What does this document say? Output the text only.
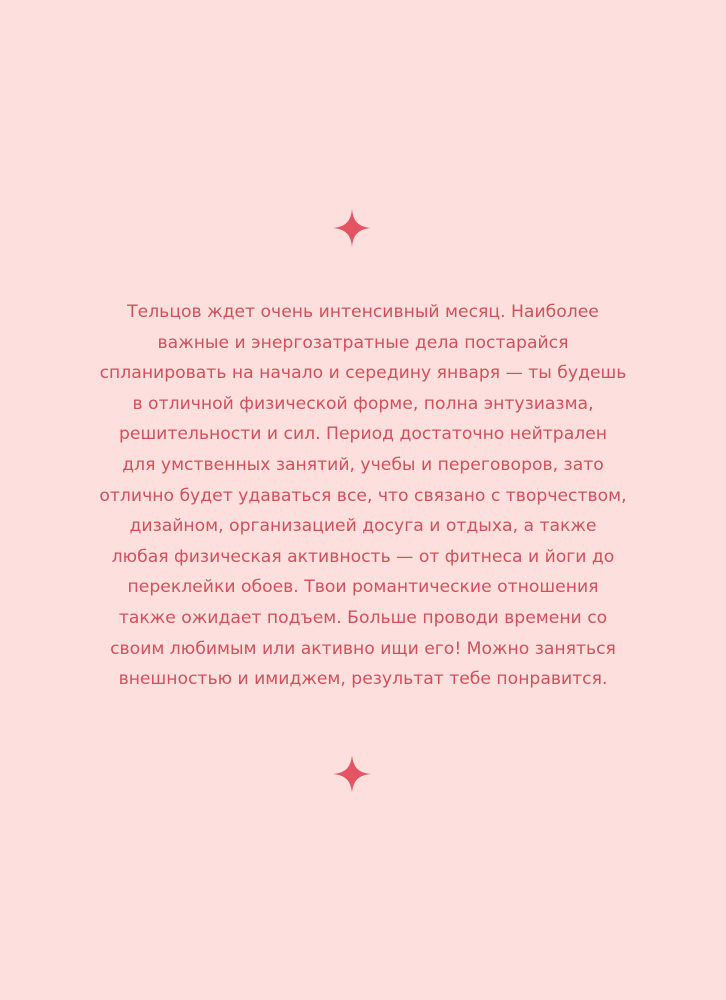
Тельцов ждет очень интенсивный месяц. Наиболее
важные и энергозатратные дела постарайся
спланировать на начало и середину января — ты будешь
в отличной физической форме, полна энтузиазма,
решительности и сил. Период достаточно нейтрален
для умственных занятий, учебы и переговоров, зато
отлично будет удаваться все, что связано с творчеством,
дизайном, организацией досуга и отдыха, а также
любая физическая активность — от фитнеса и йоги до
переклейки обоев. Твои романтические отношения
также ожидает подъем. Больше проводи времени со
своим любимым или активно ищи его! Можно заняться
внешностью и имиджем, результат тебе понравится.
